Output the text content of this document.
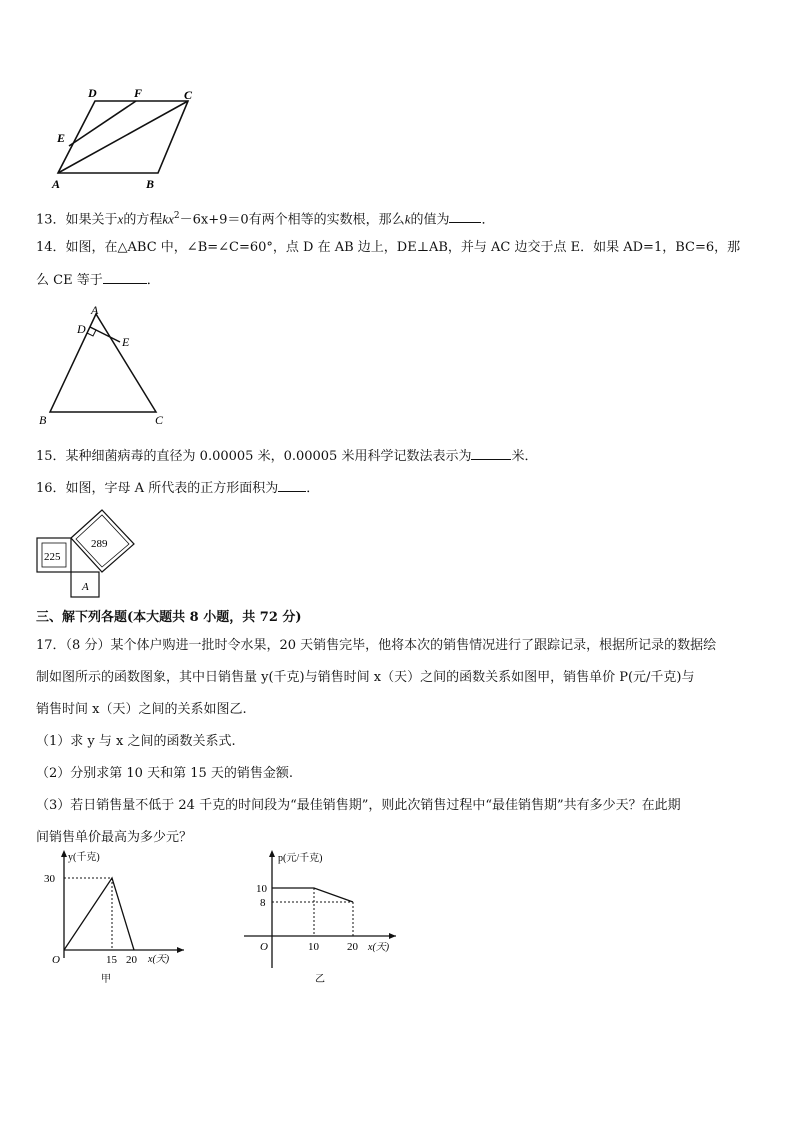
D	F	C
E
A	B
13．如果关于x的方程$kx^2-6x+9=0$有两个相等的实数根，那么k的值为 ．
14．如图，在△ABC 中，∠B=∠C=60°，点 D 在 AB 边上，DE⊥AB，并与 AC 边交于点 E．如果 AD=1，BC=6，那
么 CE 等于	．
A
D
E
B	C
15．某种细菌病毒的直径为 0.00005 米，0.00005 米用科学记数法表示为	米．
16．如图，字母 A 所代表的正方形面积为 ．
225
289
A
三、解下列各题(本大题共 8 小题，共 72 分)
17．（8 分）某个体户购进一批时令水果，20 天销售完毕，他将本次的销售情况进行了跟踪记录，根据所记录的数据绘
制如图所示的函数图象，其中日销售量 y(千克)与销售时间 x（天）之间的函数关系如图甲，销售单价 P(元/千克)与
销售时间 x（天）之间的关系如图乙.
（1）求 y 与 x 之间的函数关系式.
（2）分别求第 10 天和第 15 天的销售金额.
（3）若日销售量不低于 24 千克的时间段为“最佳销售期”，则此次销售过程中“最佳销售期”共有多少天？在此期
间销售单价最高为多少元？
y(千克)
30
O	15 20 x(天)
甲
p(元/千克)
10
8
O	10	20 x(天)
乙
